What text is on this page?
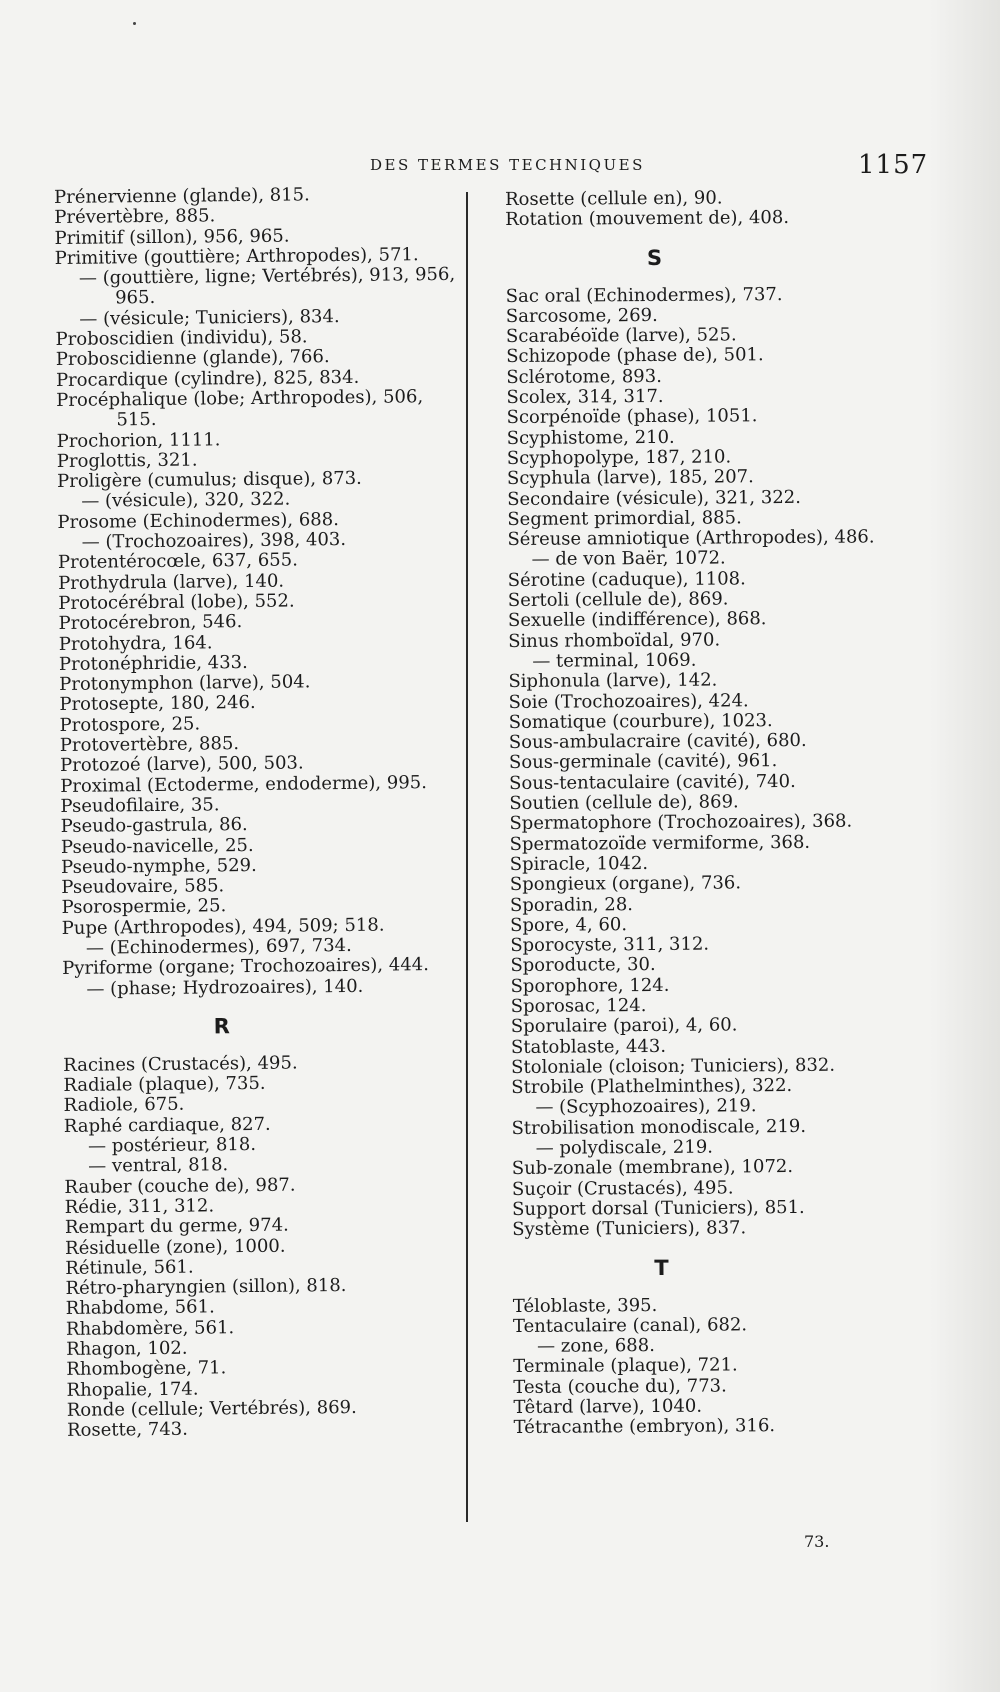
DES TERMES TECHNIQUES	1157
Prénervienne (glande), 815.
Prévertèbre, 885.
Primitif (sillon), 956, 965.
Primitive (gouttière; Arthropodes), 571.
— (gouttière, ligne; Vertébrés), 913, 956,
965.
— (vésicule; Tuniciers), 834.
Proboscidien (individu), 58.
Proboscidienne (glande), 766.
Procardique (cylindre), 825, 834.
Procéphalique (lobe; Arthropodes), 506,
515.
Prochorion, 1111.
Proglottis, 321.
Proligère (cumulus; disque), 873.
— (vésicule), 320, 322.
Prosome (Echinodermes), 688.
— (Trochozoaires), 398, 403.
Protentérocœle, 637, 655.
Prothydrula (larve), 140.
Protocérébral (lobe), 552.
Protocérebron, 546.
Protohydra, 164.
Protonéphridie, 433.
Protonymphon (larve), 504.
Protosepte, 180, 246.
Protospore, 25.
Protovertèbre, 885.
Protozoé (larve), 500, 503.
Proximal (Ectoderme, endoderme), 995.
Pseudofilaire, 35.
Pseudo-gastrula, 86.
Pseudo-navicelle, 25.
Pseudo-nymphe, 529.
Pseudovaire, 585.
Psorospermie, 25.
Pupe (Arthropodes), 494, 509; 518.
— (Echinodermes), 697, 734.
Pyriforme (organe; Trochozoaires), 444.
— (phase; Hydrozoaires), 140.
R
Racines (Crustacés), 495.
Radiale (plaque), 735.
Radiole, 675.
Raphé cardiaque, 827.
— postérieur, 818.
— ventral, 818.
Rauber (couche de), 987.
Rédie, 311, 312.
Rempart du germe, 974.
Résiduelle (zone), 1000.
Rétinule, 561.
Rétro-pharyngien (sillon), 818.
Rhabdome, 561.
Rhabdomère, 561.
Rhagon, 102.
Rhombogène, 71.
Rhopalie, 174.
Ronde (cellule; Vertébrés), 869.
Rosette, 743.
Rosette (cellule en), 90.
Rotation (mouvement de), 408.
S
Sac oral (Echinodermes), 737.
Sarcosome, 269.
Scarabéoïde (larve), 525.
Schizopode (phase de), 501.
Sclérotome, 893.
Scolex, 314, 317.
Scorpénoïde (phase), 1051.
Scyphistome, 210.
Scyphopolype, 187, 210.
Scyphula (larve), 185, 207.
Secondaire (vésicule), 321, 322.
Segment primordial, 885.
Séreuse amniotique (Arthropodes), 486.
— de von Baër, 1072.
Sérotine (caduque), 1108.
Sertoli (cellule de), 869.
Sexuelle (indifférence), 868.
Sinus rhomboïdal, 970.
— terminal, 1069.
Siphonula (larve), 142.
Soie (Trochozoaires), 424.
Somatique (courbure), 1023.
Sous-ambulacraire (cavité), 680.
Sous-germinale (cavité), 961.
Sous-tentaculaire (cavité), 740.
Soutien (cellule de), 869.
Spermatophore (Trochozoaires), 368.
Spermatozoïde vermiforme, 368.
Spiracle, 1042.
Spongieux (organe), 736.
Sporadin, 28.
Spore, 4, 60.
Sporocyste, 311, 312.
Sporoducte, 30.
Sporophore, 124.
Sporosac, 124.
Sporulaire (paroi), 4, 60.
Statoblaste, 443.
Stoloniale (cloison; Tuniciers), 832.
Strobile (Plathelminthes), 322.
— (Scyphozoaires), 219.
Strobilisation monodiscale, 219.
— polydiscale, 219.
Sub-zonale (membrane), 1072.
Suçoir (Crustacés), 495.
Support dorsal (Tuniciers), 851.
Système (Tuniciers), 837.
T
Téloblaste, 395.
Tentaculaire (canal), 682.
— zone, 688.
Terminale (plaque), 721.
Testa (couche du), 773.
Têtard (larve), 1040.
Tétracanthe (embryon), 316.
73.
